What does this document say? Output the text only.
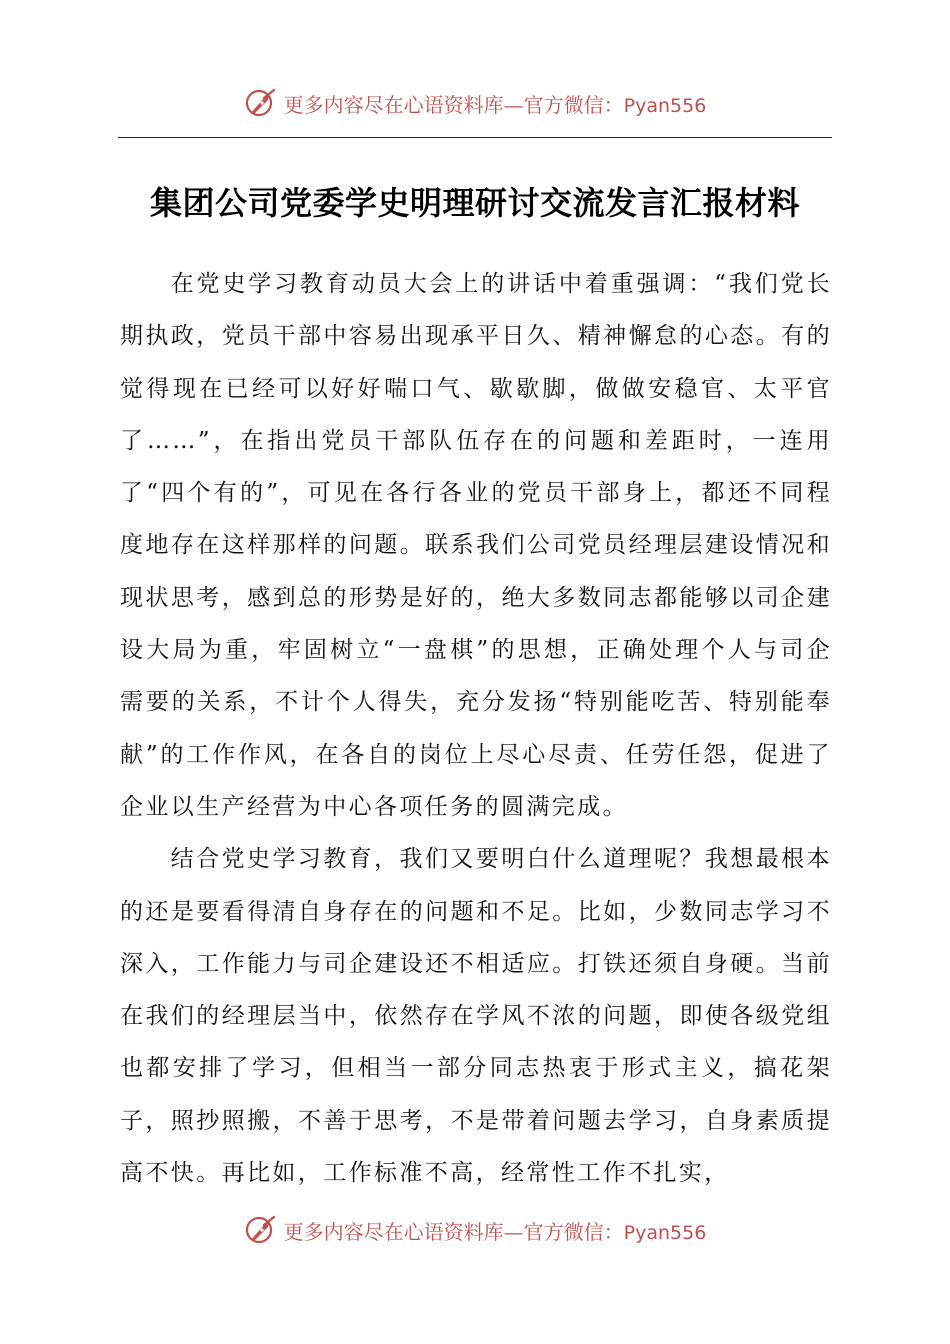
更多内容尽在心语资料库—官方微信：Pyan556
集团公司党委学史明理研讨交流发言汇报材料

在党史学习教育动员大会上的讲话中着重强调：“我们党长期执政，党员干部中容易出现承平日久、精神懈怠的心态。有的觉得现在已经可以好好喘口气、歇歇脚，做做安稳官、太平官了……”，在指出党员干部队伍存在的问题和差距时，一连用了“四个有的”，可见在各行各业的党员干部身上，都还不同程度地存在这样那样的问题。联系我们公司党员经理层建设情况和现状思考，感到总的形势是好的，绝大多数同志都能够以司企建设大局为重，牢固树立“一盘棋”的思想，正确处理个人与司企需要的关系，不计个人得失，充分发扬“特别能吃苦、特别能奉献”的工作作风，在各自的岗位上尽心尽责、任劳任怨，促进了企业以生产经营为中心各项任务的圆满完成。

结合党史学习教育，我们又要明白什么道理呢？我想最根本的还是要看得清自身存在的问题和不足。比如，少数同志学习不深入，工作能力与司企建设还不相适应。打铁还须自身硬。当前在我们的经理层当中，依然存在学风不浓的问题，即使各级党组也都安排了学习，但相当一部分同志热衷于形式主义，搞花架子，照抄照搬，不善于思考，不是带着问题去学习，自身素质提高不快。再比如，工作标准不高，经常性工作不扎实，

更多内容尽在心语资料库—官方微信：Pyan556
